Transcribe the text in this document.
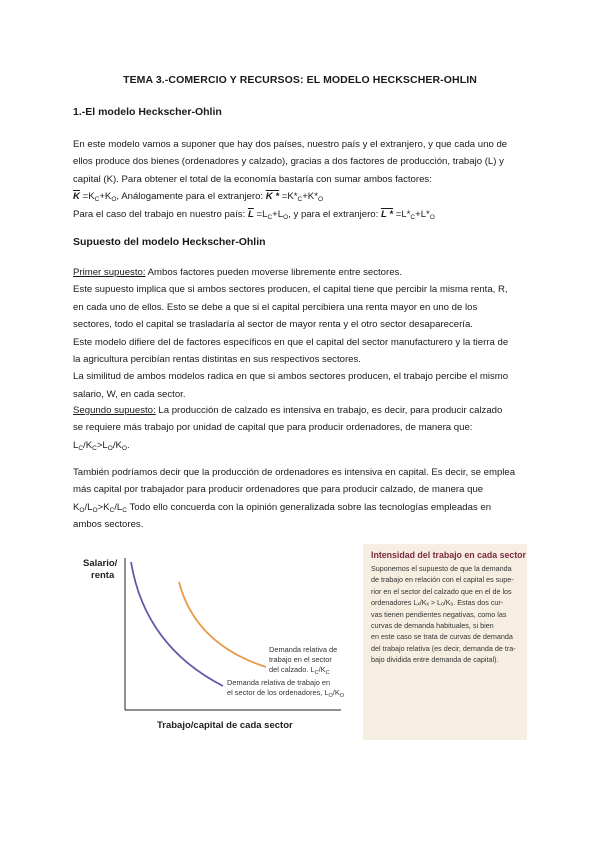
TEMA 3.-COMERCIO Y RECURSOS: EL MODELO HECKSCHER-OHLIN
1.-El modelo Heckscher-Ohlin
En este modelo vamos a suponer que hay dos países, nuestro país y el extranjero, y que cada uno de
ellos produce dos bienes (ordenadores y calzado), gracias a dos factores de producción, trabajo (L) y
capital (K). Para obtener el total de la economía bastaría con sumar ambos factores:
$\overline{K} =K_C+K_O$, Análogamente para el extranjero: $K * =K*_C+K*_O$
Para el caso del trabajo en nuestro país: $\overline{L} =L_C+L_O$, y para el extranjero: $L * =L*_C+L*_O$
Supuesto del modelo Heckscher-Ohlin
Primer supuesto: Ambos factores pueden moverse libremente entre sectores.
Este supuesto implica que si ambos sectores producen, el capital tiene que percibir la misma renta, R,
en cada uno de ellos. Esto se debe a que si el capital percibiera una renta mayor en uno de los
sectores, todo el capital se trasladaría al sector de mayor renta y el otro sector desaparecería.
Este modelo difiere del de factores específicos en que el capital del sector manufacturero y la tierra de
la agricultura percibían rentas distintas en sus respectivos sectores.
La similitud de ambos modelos radica en que si ambos sectores producen, el trabajo percibe el mismo
salario, W, en cada sector.
Segundo supuesto: La producción de calzado es intensiva en trabajo, es decir, para producir calzado
se requiere más trabajo por unidad de capital que para producir ordenadores, de manera que:
$L_C/K_C>L_O/K_O$.
También podríamos decir que la producción de ordenadores es intensiva en capital. Es decir, se emplea
más capital por trabajador para producir ordenadores que para producir calzado, de manera que
$K_O/L_O>K_C/L_C$ Todo ello concuerda con la opinión generalizada sobre las tecnologías empleadas en
ambos sectores.
Salario/
renta
Demanda relativa de
trabajo en el sector
del calzado. $L_C/K_C$
Demanda relativa de trabajo en
el sector de los ordenadores, $L_O/K_O$
Trabajo/capital de cada sector
Intensidad del trabajo en cada sector
Suponemos el supuesto de que la demanda
de trabajo en relación con el capital es supe-
rior en el sector del calzado que en el de los
ordenadores Lₓ/Kₓ > Lₒ/Kₒ. Estas dos cur-
vas tienen pendientes negativas, como las
curvas de demanda habituales, si bien
en este caso se trata de curvas de demanda
del trabajo relativa (es decir, demanda de tra-
bajo dividida entre demanda de capital).
